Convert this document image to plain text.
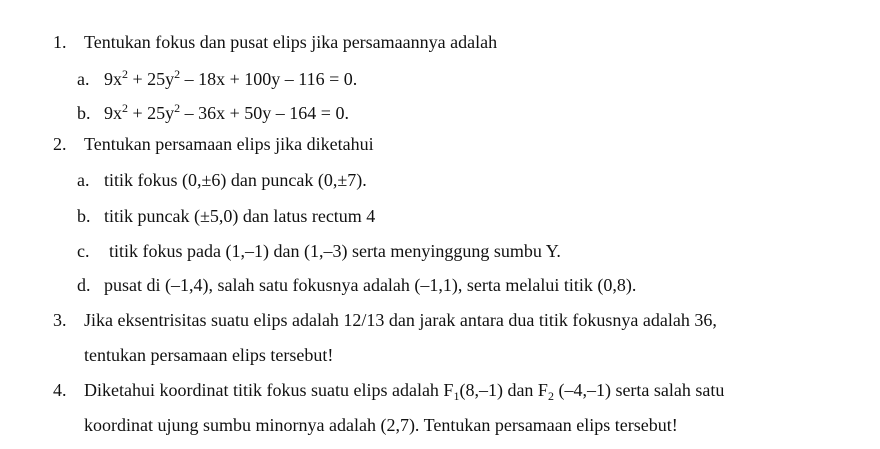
1. Tentukan fokus dan pusat elips jika persamaannya adalah
a. $9x^2 + 25y^2 - 18x + 100y - 116 = 0$.
b. $9x^2 + 25y^2 - 36x + 50y - 164 = 0$.
2. Tentukan persamaan elips jika diketahui
a. titik fokus (0,±6) dan puncak (0,±7).
b. titik puncak (±5,0) dan latus rectum 4
c. titik fokus pada (1,–1) dan (1,–3) serta menyinggung sumbu Y.
d. pusat di (–1,4), salah satu fokusnya adalah (–1,1), serta melalui titik (0,8).
3. Jika eksentrisitas suatu elips adalah 12/13 dan jarak antara dua titik fokusnya adalah 36,
tentukan persamaan elips tersebut!
4. Diketahui koordinat titik fokus suatu elips adalah $F_1(8,-1)$ dan $F_2$ (–4,–1) serta salah satu
koordinat ujung sumbu minornya adalah (2,7). Tentukan persamaan elips tersebut!
